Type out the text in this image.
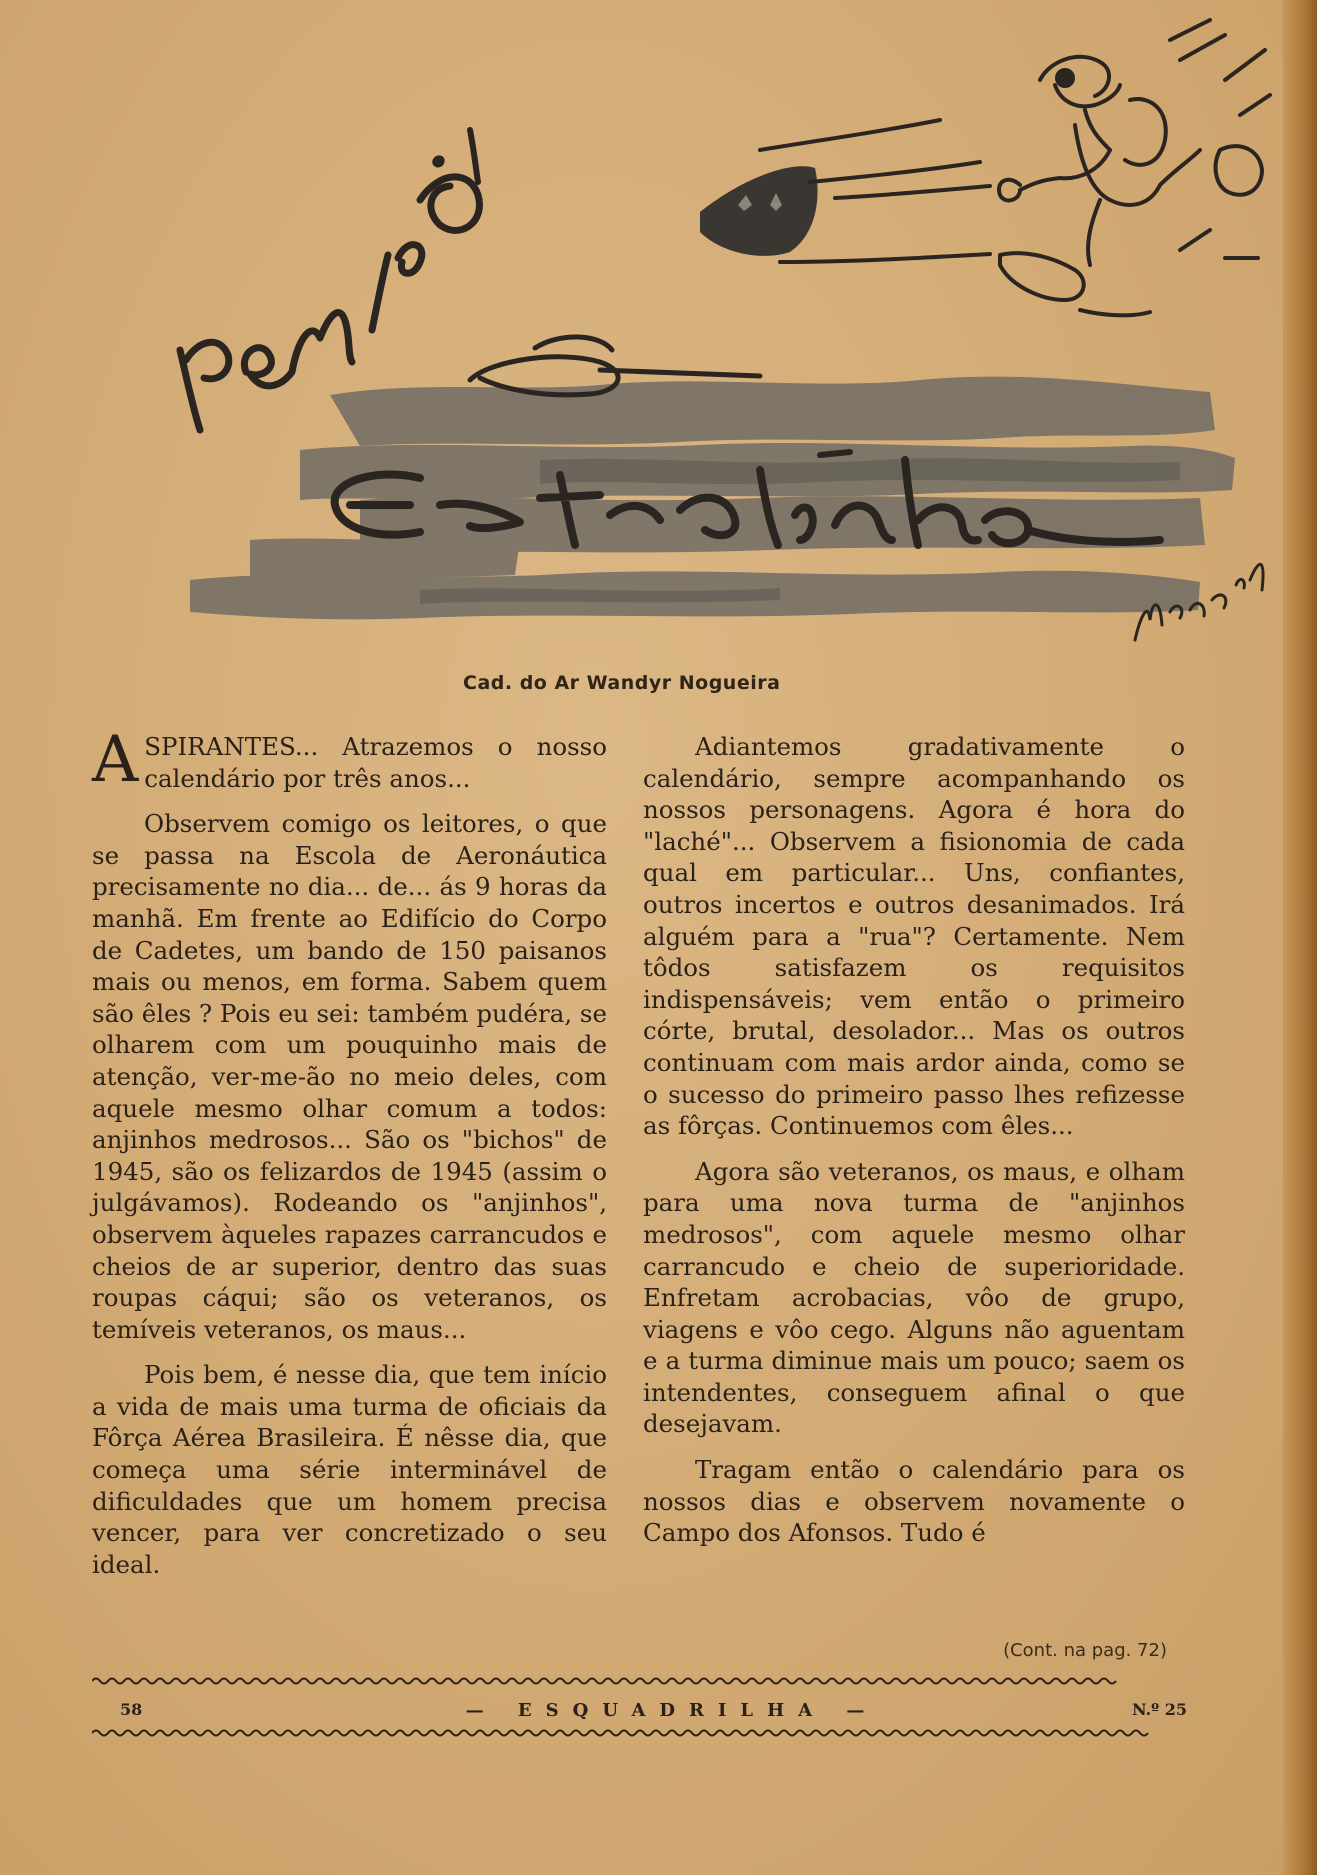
Cad. do Ar Wandyr Nogueira

ASPIRANTES... Atrazemos o nosso calendário por três anos...

Observem comigo os leitores, o que se passa na Escola de Aeronáutica precisamente no dia... de... ás 9 horas da manhã. Em frente ao Edifício do Corpo de Cadetes, um bando de 150 paisanos mais ou menos, em forma. Sabem quem são êles ? Pois eu sei: também pudéra, se olharem com um pouquinho mais de atenção, ver-me-ão no meio deles, com aquele mesmo olhar comum a todos: anjinhos medrosos... São os "bichos" de 1945, são os felizardos de 1945 (assim o julgávamos). Rodeando os "anjinhos", observem àqueles rapazes carrancudos e cheios de ar superior, dentro das suas roupas cáqui; são os veteranos, os temíveis veteranos, os maus...

Pois bem, é nesse dia, que tem início a vida de mais uma turma de oficiais da Fôrça Aérea Brasileira. É nêsse dia, que começa uma série interminável de dificuldades que um homem precisa vencer, para ver concretizado o seu ideal.

Adiantemos gradativamente o calendário, sempre acompanhando os nossos personagens. Agora é hora do "laché"... Observem a fisionomia de cada qual em particular... Uns, confiantes, outros incertos e outros desanimados. Irá alguém para a "rua"? Certamente. Nem tôdos satisfazem os requisitos indispensáveis; vem então o primeiro córte, brutal, desolador... Mas os outros continuam com mais ardor ainda, como se o sucesso do primeiro passo lhes refizesse as fôrças. Continuemos com êles...

Agora são veteranos, os maus, e olham para uma nova turma de "anjinhos medrosos", com aquele mesmo olhar carrancudo e cheio de superioridade. Enfretam acrobacias, vôo de grupo, viagens e vôo cego. Alguns não aguentam e a turma diminue mais um pouco; saem os intendentes, conseguem afinal o que desejavam.

Tragam então o calendário para os nossos dias e observem novamente o Campo dos Afonsos. Tudo é

(Cont. na pag. 72)
58	— ESQUADRILHA —	N.º 25
